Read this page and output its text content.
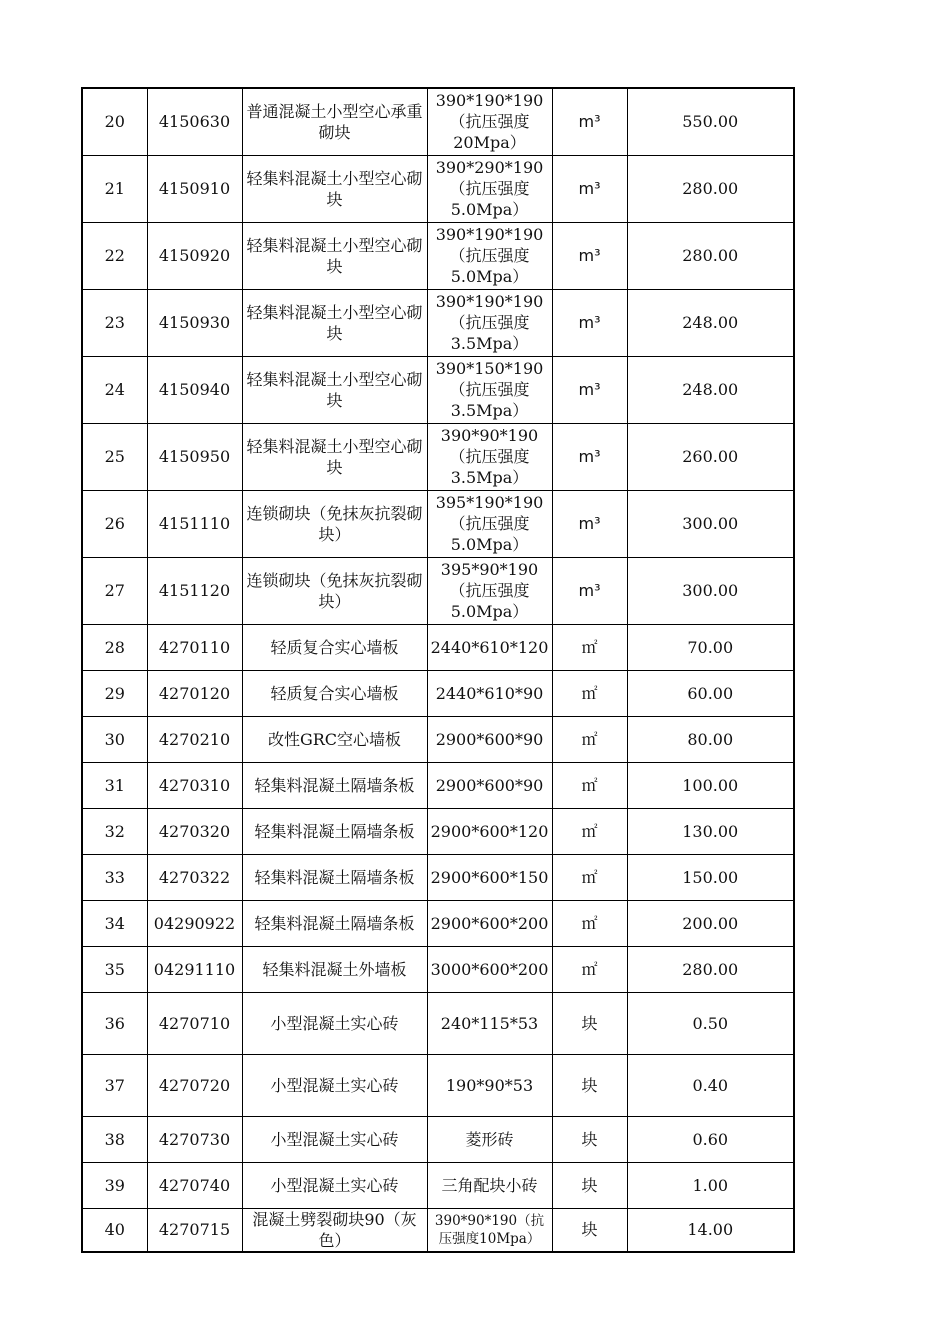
20	4150630	普通混凝土小型空心承重砌块	390*190*190（抗压强度20Mpa）	m³	550.00
21	4150910	轻集料混凝土小型空心砌块	390*290*190（抗压强度5.0Mpa）	m³	280.00
22	4150920	轻集料混凝土小型空心砌块	390*190*190（抗压强度5.0Mpa）	m³	280.00
23	4150930	轻集料混凝土小型空心砌块	390*190*190（抗压强度3.5Mpa）	m³	248.00
24	4150940	轻集料混凝土小型空心砌块	390*150*190（抗压强度3.5Mpa）	m³	248.00
25	4150950	轻集料混凝土小型空心砌块	390*90*190（抗压强度3.5Mpa）	m³	260.00
26	4151110	连锁砌块（免抹灰抗裂砌块）	395*190*190（抗压强度5.0Mpa）	m³	300.00
27	4151120	连锁砌块（免抹灰抗裂砌块）	395*90*190（抗压强度5.0Mpa）	m³	300.00
28	4270110	轻质复合实心墙板	2440*610*120	㎡	70.00
29	4270120	轻质复合实心墙板	2440*610*90	㎡	60.00
30	4270210	改性GRC空心墙板	2900*600*90	㎡	80.00
31	4270310	轻集料混凝土隔墙条板	2900*600*90	㎡	100.00
32	4270320	轻集料混凝土隔墙条板	2900*600*120	㎡	130.00
33	4270322	轻集料混凝土隔墙条板	2900*600*150	㎡	150.00
34	04290922	轻集料混凝土隔墙条板	2900*600*200	㎡	200.00
35	04291110	轻集料混凝土外墙板	3000*600*200	㎡	280.00
36	4270710	小型混凝土实心砖	240*115*53	块	0.50
37	4270720	小型混凝土实心砖	190*90*53	块	0.40
38	4270730	小型混凝土实心砖	菱形砖	块	0.60
39	4270740	小型混凝土实心砖	三角配块小砖	块	1.00
40	4270715	混凝土劈裂砌块90（灰色）	390*90*190（抗压强度10Mpa）	块	14.00
